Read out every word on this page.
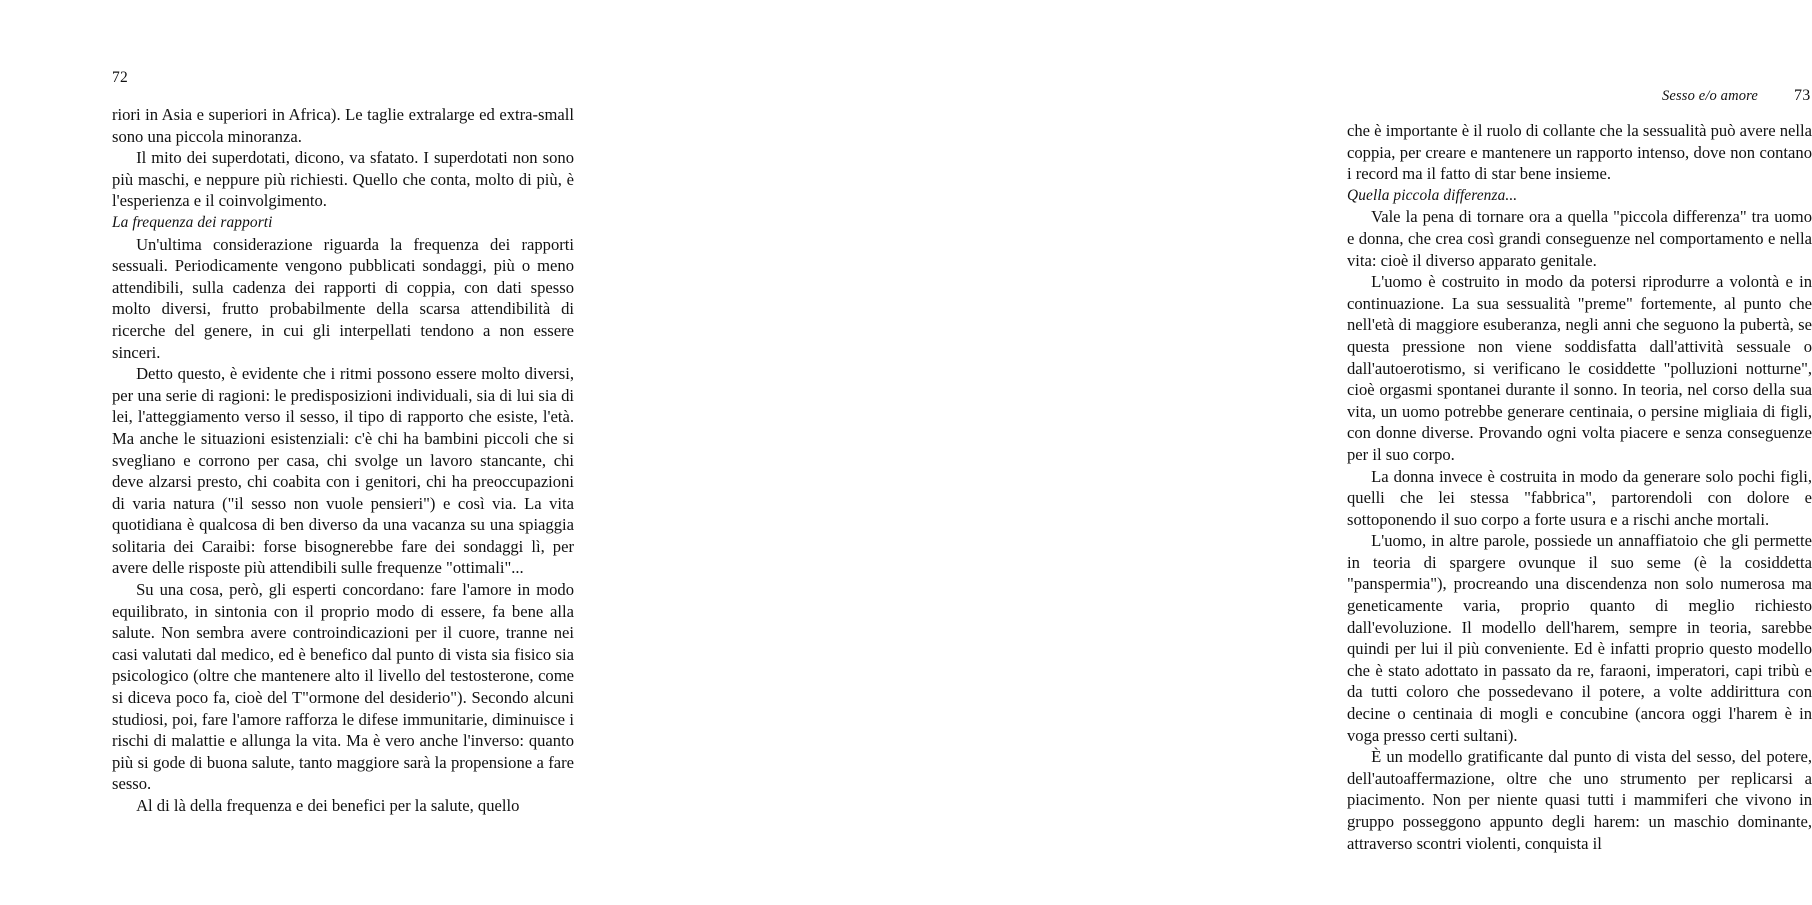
72

riori in Asia e superiori in Africa). Le taglie extralarge ed extra-small sono una piccola minoranza.

Il mito dei superdotati, dicono, va sfatato. I superdotati non sono più maschi, e neppure più richiesti. Quello che conta, molto di più, è l'esperienza e il coinvolgimento.

La frequenza dei rapporti

Un'ultima considerazione riguarda la frequenza dei rapporti sessuali. Periodicamente vengono pubblicati sondaggi, più o meno attendibili, sulla cadenza dei rapporti di coppia, con dati spesso molto diversi, frutto probabilmente della scarsa attendibilità di ricerche del genere, in cui gli interpellati tendono a non essere sinceri.

Detto questo, è evidente che i ritmi possono essere molto diversi, per una serie di ragioni: le predisposizioni individuali, sia di lui sia di lei, l'atteggiamento verso il sesso, il tipo di rapporto che esiste, l'età. Ma anche le situazioni esistenziali: c'è chi ha bambini piccoli che si svegliano e corrono per casa, chi svolge un lavoro stancante, chi deve alzarsi presto, chi coabita con i genitori, chi ha preoccupazioni di varia natura ("il sesso non vuole pensieri") e così via. La vita quotidiana è qualcosa di ben diverso da una vacanza su una spiaggia solitaria dei Caraibi: forse bisognerebbe fare dei sondaggi lì, per avere delle risposte più attendibili sulle frequenze "ottimali"...

Su una cosa, però, gli esperti concordano: fare l'amore in modo equilibrato, in sintonia con il proprio modo di essere, fa bene alla salute. Non sembra avere controindicazioni per il cuore, tranne nei casi valutati dal medico, ed è benefico dal punto di vista sia fisico sia psicologico (oltre che mantenere alto il livello del testosterone, come si diceva poco fa, cioè del T"ormone del desiderio"). Secondo alcuni studiosi, poi, fare l'amore rafforza le difese immunitarie, diminuisce i rischi di malattie e allunga la vita. Ma è vero anche l'inverso: quanto più si gode di buona salute, tanto maggiore sarà la propensione a fare sesso.

Al di là della frequenza e dei benefici per la salute, quello

Sesso e/o amore 73

che è importante è il ruolo di collante che la sessualità può avere nella coppia, per creare e mantenere un rapporto intenso, dove non contano i record ma il fatto di star bene insieme.

Quella piccola differenza...

Vale la pena di tornare ora a quella "piccola differenza" tra uomo e donna, che crea così grandi conseguenze nel comportamento e nella vita: cioè il diverso apparato genitale.

L'uomo è costruito in modo da potersi riprodurre a volontà e in continuazione. La sua sessualità "preme" fortemente, al punto che nell'età di maggiore esuberanza, negli anni che seguono la pubertà, se questa pressione non viene soddisfatta dall'attività sessuale o dall'autoerotismo, si verificano le cosiddette "polluzioni notturne", cioè orgasmi spontanei durante il sonno. In teoria, nel corso della sua vita, un uomo potrebbe generare centinaia, o persine migliaia di figli, con donne diverse. Provando ogni volta piacere e senza conseguenze per il suo corpo.

La donna invece è costruita in modo da generare solo pochi figli, quelli che lei stessa "fabbrica", partorendoli con dolore e sottoponendo il suo corpo a forte usura e a rischi anche mortali.

L'uomo, in altre parole, possiede un annaffiatoio che gli permette in teoria di spargere ovunque il suo seme (è la cosiddetta "panspermia"), procreando una discendenza non solo numerosa ma geneticamente varia, proprio quanto di meglio richiesto dall'evoluzione. Il modello dell'harem, sempre in teoria, sarebbe quindi per lui il più conveniente. Ed è infatti proprio questo modello che è stato adottato in passato da re, faraoni, imperatori, capi tribù e da tutti coloro che possedevano il potere, a volte addirittura con decine o centinaia di mogli e concubine (ancora oggi l'harem è in voga presso certi sultani).

È un modello gratificante dal punto di vista del sesso, del potere, dell'autoaffermazione, oltre che uno strumento per replicarsi a piacimento. Non per niente quasi tutti i mammiferi che vivono in gruppo posseggono appunto degli harem: un maschio dominante, attraverso scontri violenti, conquista il
